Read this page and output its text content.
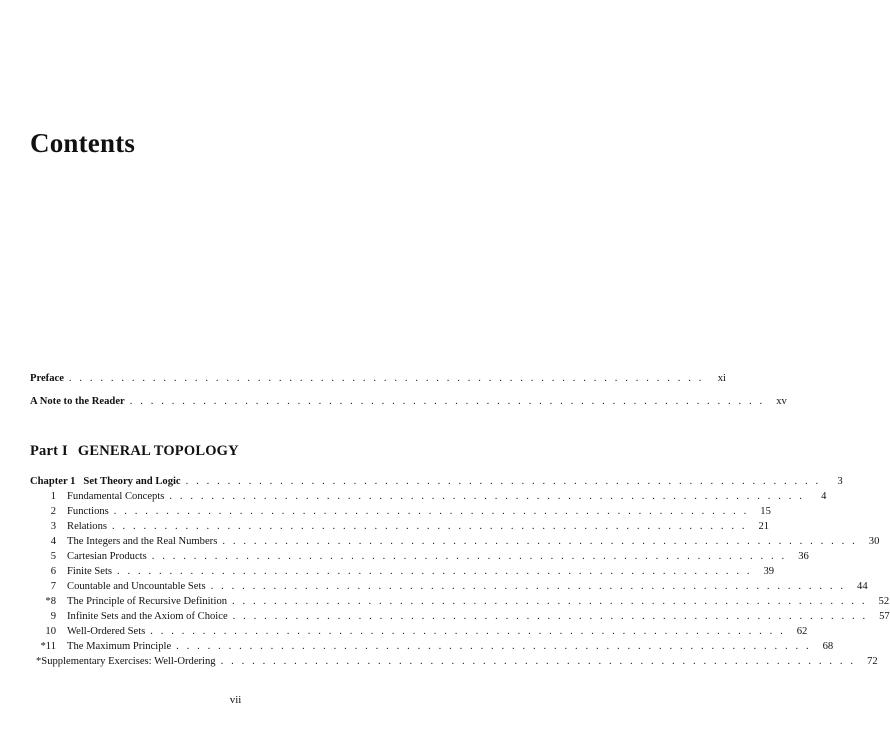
Contents
Preface . . . . . . . . . . . . . . . . . . . . . . . . . . . . . . . . . . . . . . . . . . . . . . . . . . . . . . . . . . . . .	xi
A Note to the Reader . . . . . . . . . . . . . . . . . . . . . . . . . . . . . . . . . . . . . . . . . . . . . . . . . . . . . . . . . . . . .	xv
Part I GENERAL TOPOLOGY
Chapter 1 Set Theory and Logic . . . . . . . . . . . . . . . . . . . . . . . . . . . . . . . . . . . . . . . . . . . . . . . . . . . . . . . . . . . . .	3
1 Fundamental Concepts . . . . . . . . . . . . . . . . . . . . . . . . . . . . . . . . . . . . . . . . . . . . . . . . . . . . . . . . . . . . .	4
2 Functions . . . . . . . . . . . . . . . . . . . . . . . . . . . . . . . . . . . . . . . . . . . . . . . . . . . . . . . . . . . . .	15
3 Relations . . . . . . . . . . . . . . . . . . . . . . . . . . . . . . . . . . . . . . . . . . . . . . . . . . . . . . . . . . . . .	21
4 The Integers and the Real Numbers . . . . . . . . . . . . . . . . . . . . . . . . . . . . . . . . . . . . . . . . . . . . . . . . . . . . . . . . . . . . .	30
5 Cartesian Products . . . . . . . . . . . . . . . . . . . . . . . . . . . . . . . . . . . . . . . . . . . . . . . . . . . . . . . . . . . . .	36
6 Finite Sets . . . . . . . . . . . . . . . . . . . . . . . . . . . . . . . . . . . . . . . . . . . . . . . . . . . . . . . . . . . . .	39
7 Countable and Uncountable Sets . . . . . . . . . . . . . . . . . . . . . . . . . . . . . . . . . . . . . . . . . . . . . . . . . . . . . . . . . . . . .	44
*8 The Principle of Recursive Definition . . . . . . . . . . . . . . . . . . . . . . . . . . . . . . . . . . . . . . . . . . . . . . . . . . . . . . . . . . . . .	52
9 Infinite Sets and the Axiom of Choice . . . . . . . . . . . . . . . . . . . . . . . . . . . . . . . . . . . . . . . . . . . . . . . . . . . . . . . . . . . . .	57
10 Well-Ordered Sets . . . . . . . . . . . . . . . . . . . . . . . . . . . . . . . . . . . . . . . . . . . . . . . . . . . . . . . . . . . . .	62
*11 The Maximum Principle . . . . . . . . . . . . . . . . . . . . . . . . . . . . . . . . . . . . . . . . . . . . . . . . . . . . . . . . . . . . .	68
*Supplementary Exercises: Well-Ordering . . . . . . . . . . . . . . . . . . . . . . . . . . . . . . . . . . . . . . . . . . . . . . . . . . . . . . . . . . . . .	72
vii
